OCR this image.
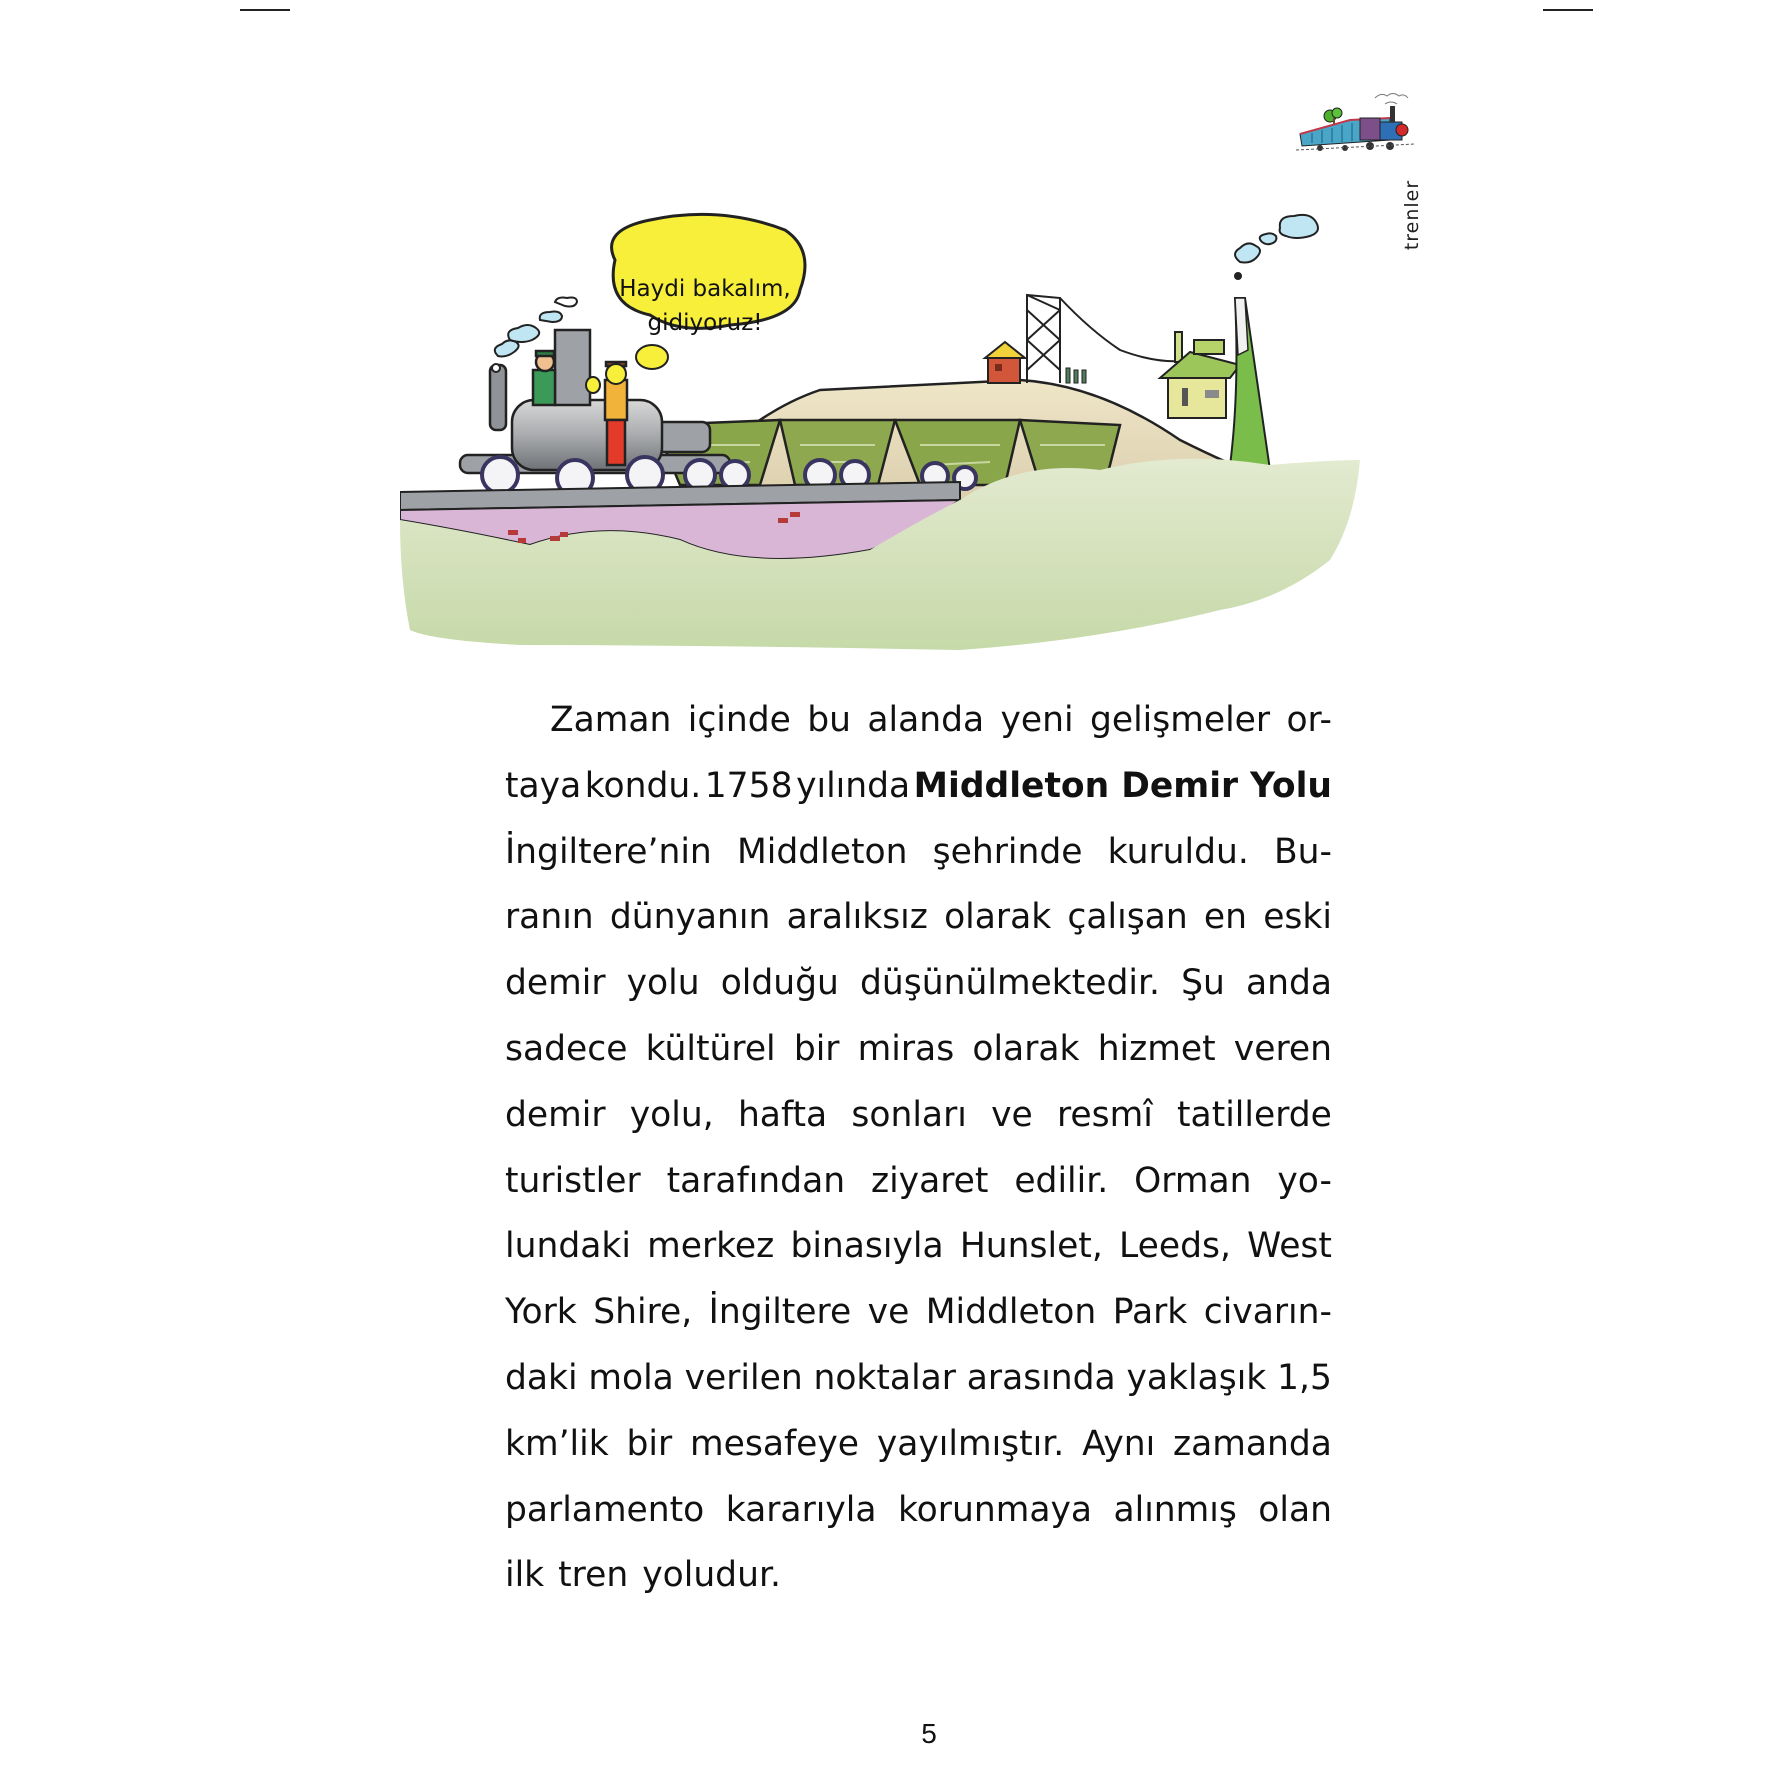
trenler
Haydi bakalım,
gidiyoruz!
Zaman içinde bu alanda yeni gelişmeler or-
taya kondu. 1758 yılında Middleton Demir Yolu
İngiltere’nin Middleton şehrinde kuruldu. Bu-
ranın dünyanın aralıksız olarak çalışan en eski
demir yolu olduğu düşünülmektedir. Şu anda
sadece kültürel bir miras olarak hizmet veren
demir yolu, hafta sonları ve resmî tatillerde
turistler tarafından ziyaret edilir. Orman yo-
lundaki merkez binasıyla Hunslet, Leeds, West
York Shire, İngiltere ve Middleton Park civarın-
daki mola verilen noktalar arasında yaklaşık 1,5
km’lik bir mesafeye yayılmıştır. Aynı zamanda
parlamento kararıyla korunmaya alınmış olan
ilk tren yoludur.
5
